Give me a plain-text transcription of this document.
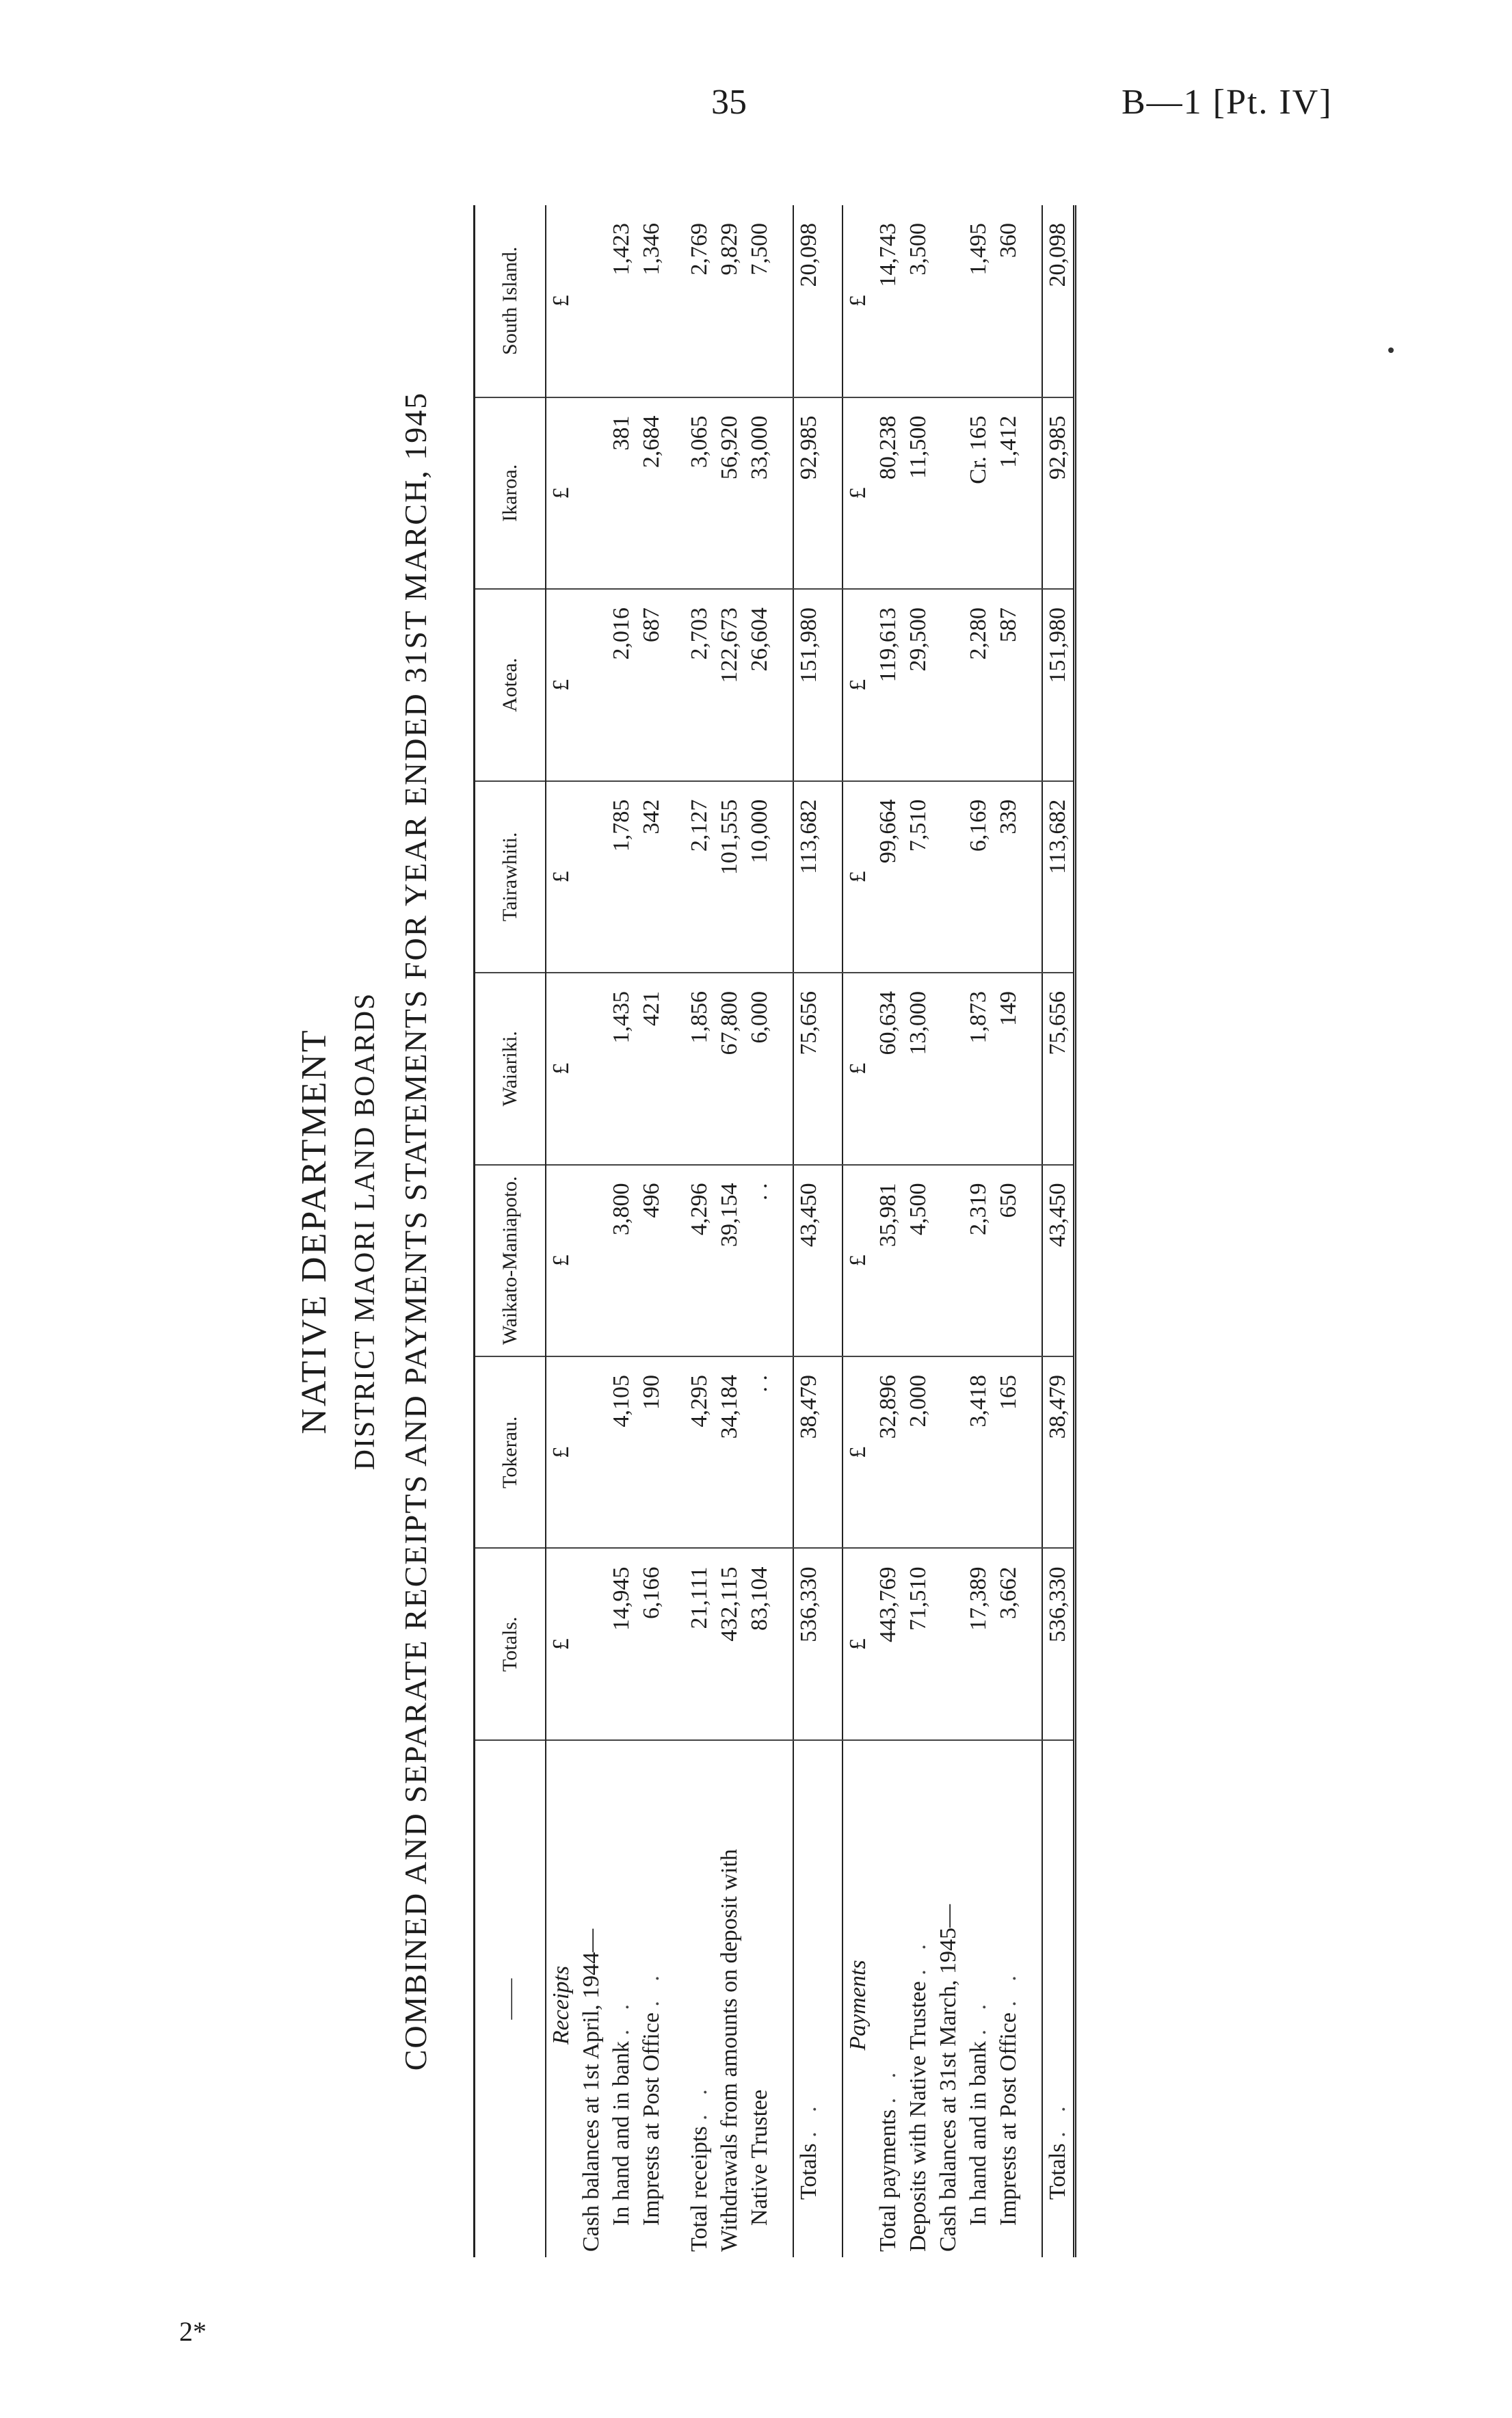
35	B—1 [Pt. IV]
2*
NATIVE DEPARTMENT DISTRICT MAORI LAND BOARDS COMBINED AND SEPARATE RECEIPTS AND PAYMENTS STATEMENTS FOR YEAR ENDED 31ST MARCH, 1945	——	Totals.	Tokerau.	Waikato-Maniapoto.	Waiariki.	Tairawhiti.	Aotea.	Ikaroa.	South Island.
Receipts	£	£	£	£	£	£	£	£
Cash balances at 1st April, 1944—								
In hand and in bank . .	14,945	4,105	3,800	1,435	1,785	2,016	381	1,423
Imprests at Post Office . .	6,166	190	496	421	342	687	2,684	1,346

Total receipts . .	21,111	4,295	4,296	1,856	2,127	2,703	3,065	2,769
Withdrawals from amounts on deposit with	432,115	34,184	39,154	67,800	101,555	122,673	56,920	9,829
Native Trustee	83,104	. .	. .	6,000	10,000	26,604	33,000	7,500

Totals . .	536,330	38,479	43,450	75,656	113,682	151,980	92,985	20,098

Payments	£	£	£	£	£	£	£	£
Total payments . .	443,769	32,896	35,981	60,634	99,664	119,613	80,238	14,743
Deposits with Native Trustee . .	71,510	2,000	4,500	13,000	7,510	29,500	11,500	3,500
Cash balances at 31st March, 1945—								
In hand and in bank . .	17,389	3,418	2,319	1,873	6,169	2,280	Cr. 165	1,495
Imprests at Post Office . .	3,662	165	650	149	339	587	1,412	360

Totals . .	536,330	38,479	43,450	75,656	113,682	151,980	92,985	20,098
